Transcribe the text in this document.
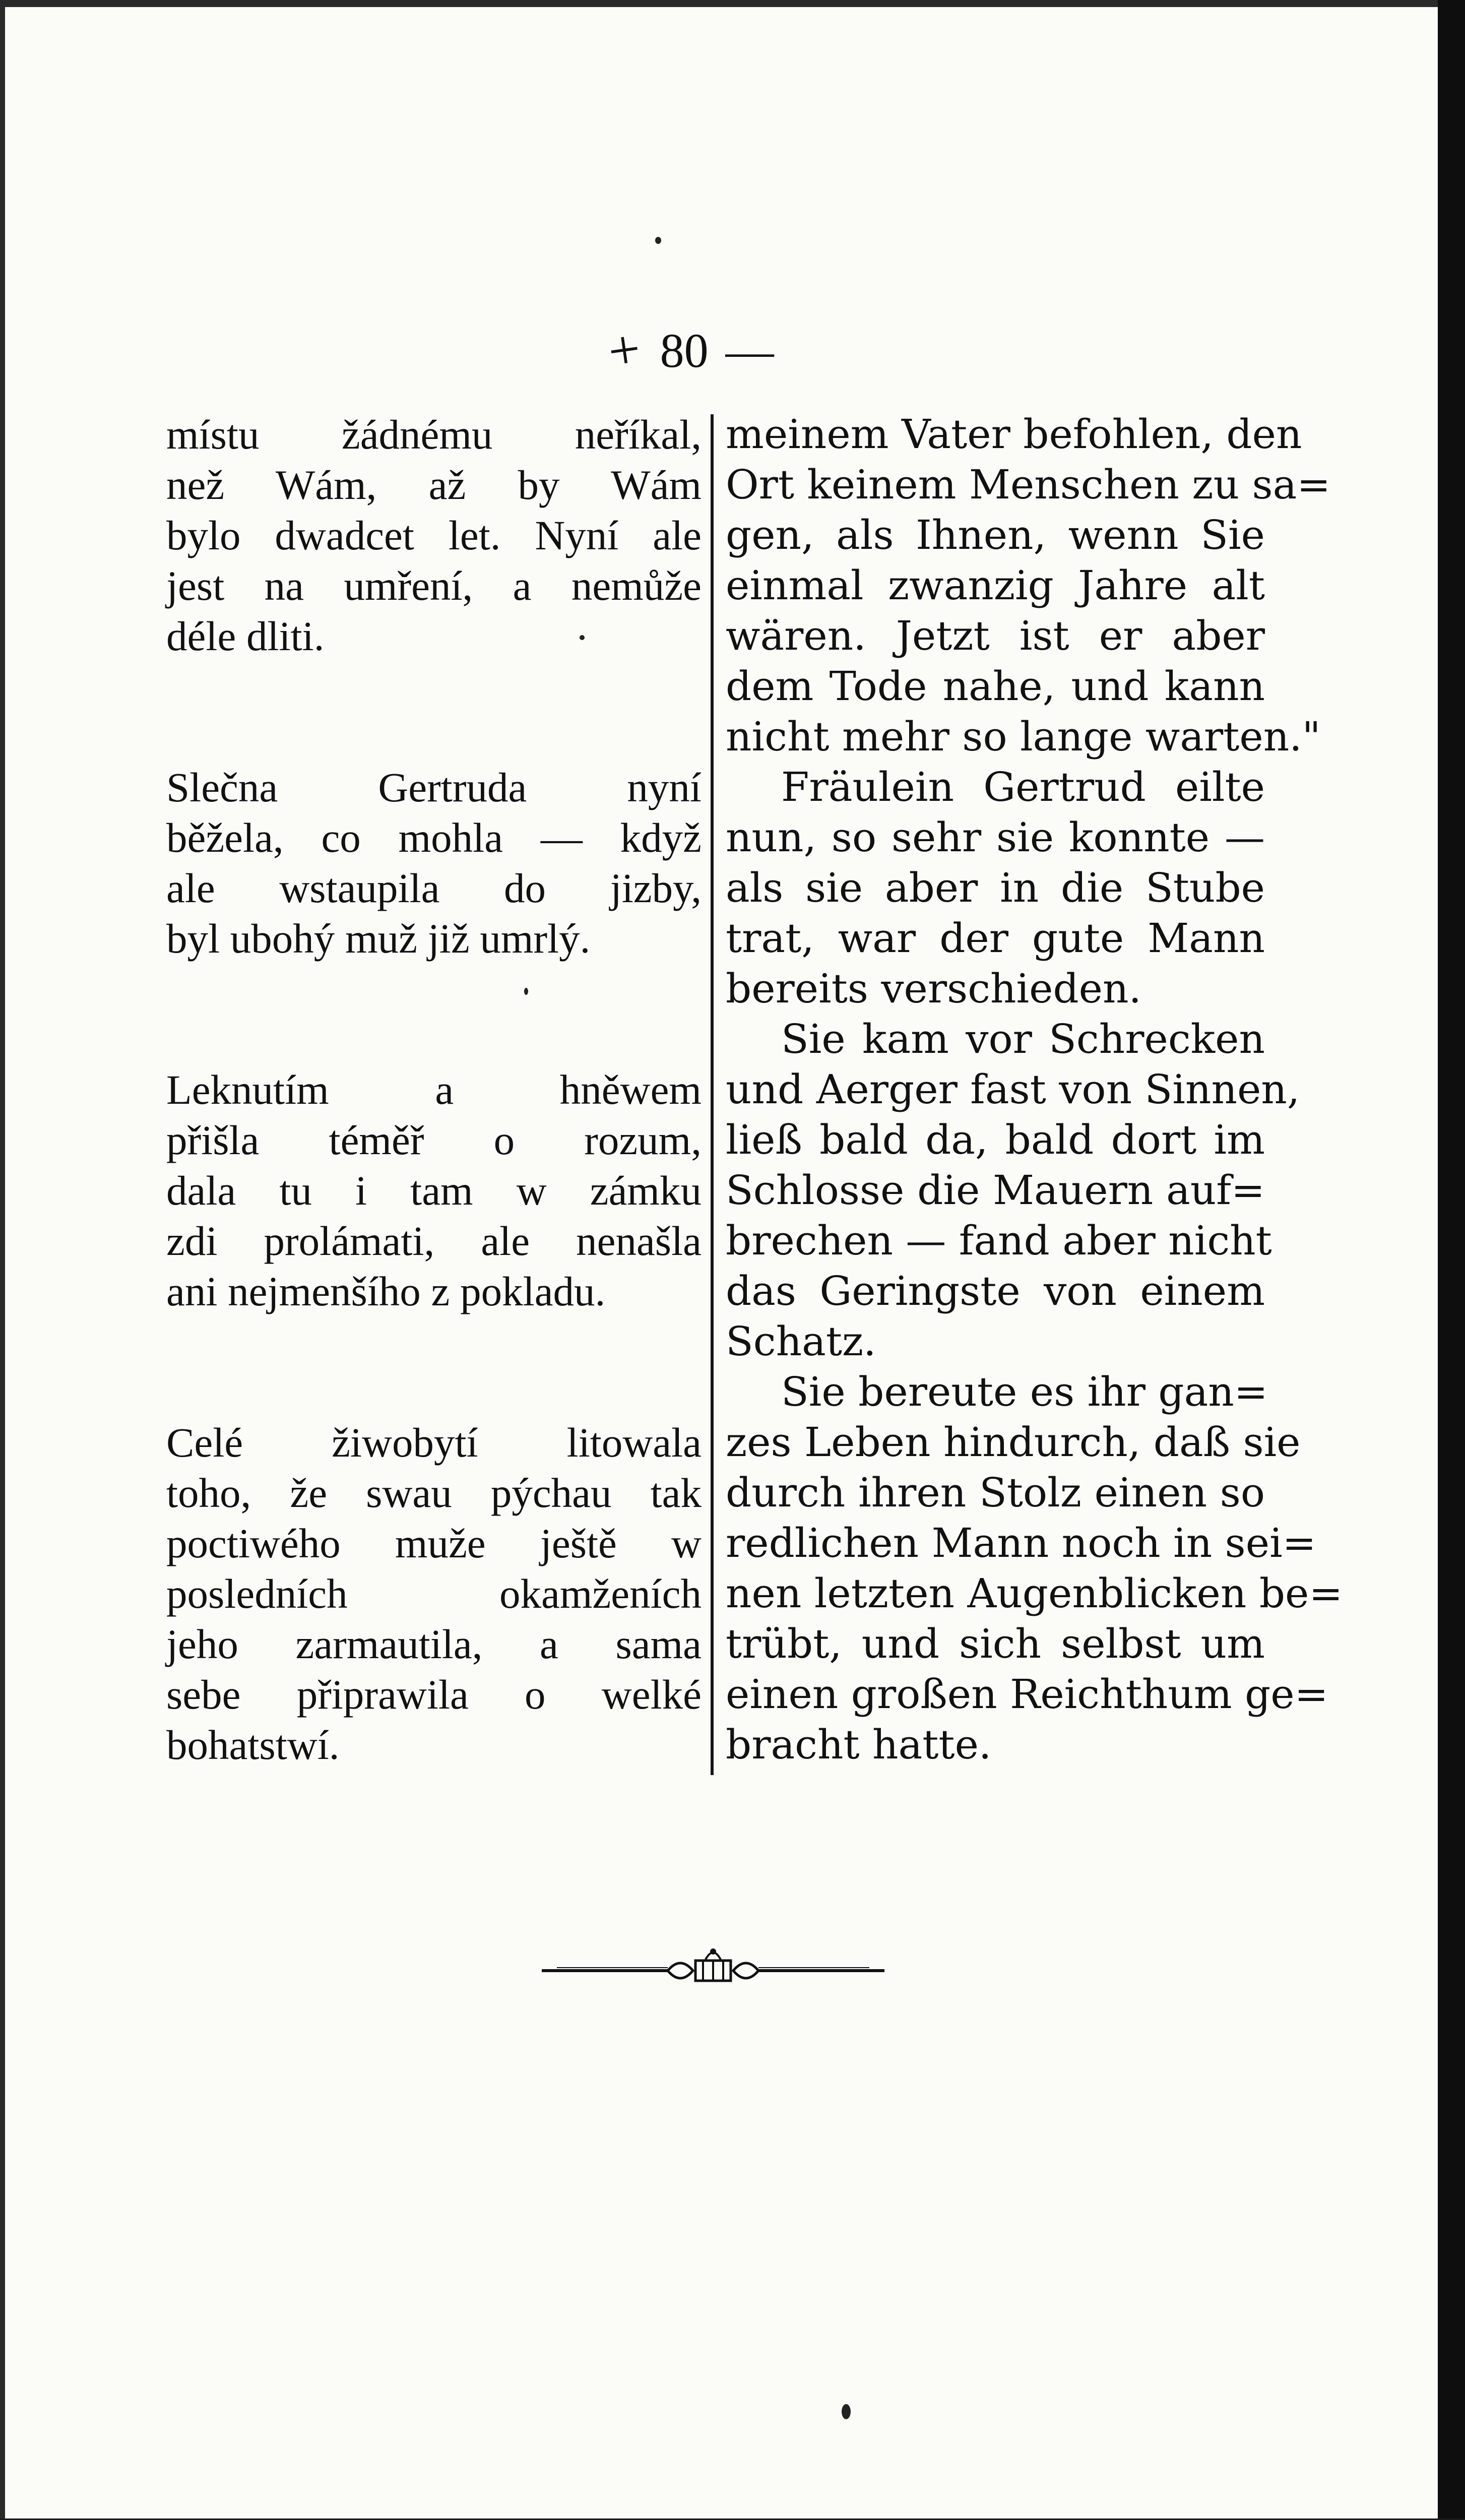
+ 80 —

místu žádnému neříkal,
než Wám, až by Wám
bylo dwadcet let. Nyní ale
jest na umření, a nemůže
déle dliti.

Slečna Gertruda nyní
běžela, co mohla — když
ale wstaupila do jizby,
byl ubohý muž již umrlý.

Leknutím a hněwem
přišla téměř o rozum,
dala tu i tam w zámku
zdi prolámati, ale nenašla
ani nejmenšího z pokladu.

Celé žiwobytí litowala
toho, že swau pýchau tak
poctiwého muže ještě w
posledních okamženích
jeho zarmautila, a sama
sebe připrawila o welké
bohatstwí.

meinem Vater befohlen, den
Ort keinem Menschen zu sa=
gen, als Ihnen, wenn Sie
einmal zwanzig Jahre alt
wären. Jetzt ist er aber
dem Tode nahe, und kann
nicht mehr so lange warten."

Fräulein Gertrud eilte
nun, so sehr sie konnte —
als sie aber in die Stube
trat, war der gute Mann
bereits verschieden.

Sie kam vor Schrecken
und Aerger fast von Sinnen,
ließ bald da, bald dort im
Schlosse die Mauern auf=
brechen — fand aber nicht
das Geringste von einem
Schatz.

Sie bereute es ihr gan=
zes Leben hindurch, daß sie
durch ihren Stolz einen so
redlichen Mann noch in sei=
nen letzten Augenblicken be=
trübt, und sich selbst um
einen großen Reichthum ge=
bracht hatte.
